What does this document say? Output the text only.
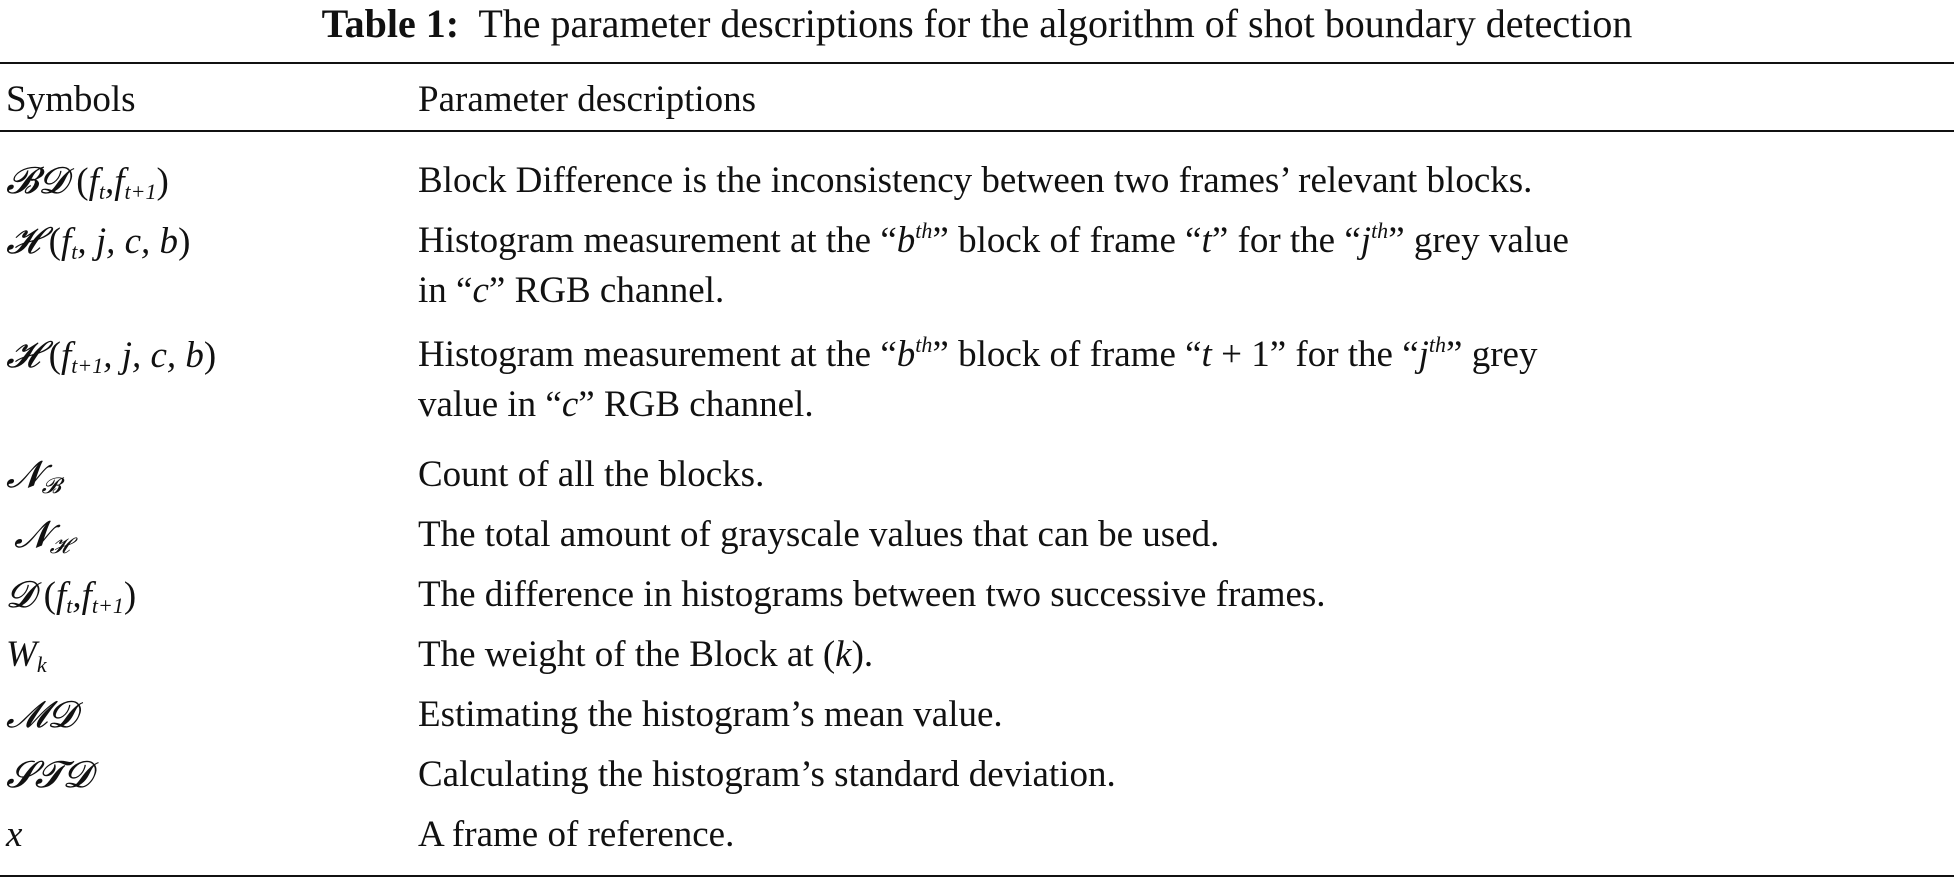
Table 1: The parameter descriptions for the algorithm of shot boundary detection
Symbols	Parameter descriptions
𝓑𝓓 $(f_t,f_{t+1})$	Block Difference is the inconsistency between two frames’ relevant blocks.
𝓗 ($f_t$, j, c, b)	Histogram measurement at the “$b^{th}$” block of frame “t” for the “$j^{th}$” grey value
in “c” RGB channel.
𝓗 ($f_{t+1}$, j, c, b)	Histogram measurement at the “$b^{th}$” block of frame “t + 1” for the “$j^{th}$” grey
value in “c” RGB channel.
𝓝$_𝓑$	Count of all the blocks.
𝓝$_𝓗$	The total amount of grayscale values that can be used.
𝓓 $(f_t,f_{t+1})$	The difference in histograms between two successive frames.
$W_k$	The weight of the Block at (k).
𝓜𝓓	Estimating the histogram’s mean value.
𝓢𝓣𝓓	Calculating the histogram’s standard deviation.
x	A frame of reference.
